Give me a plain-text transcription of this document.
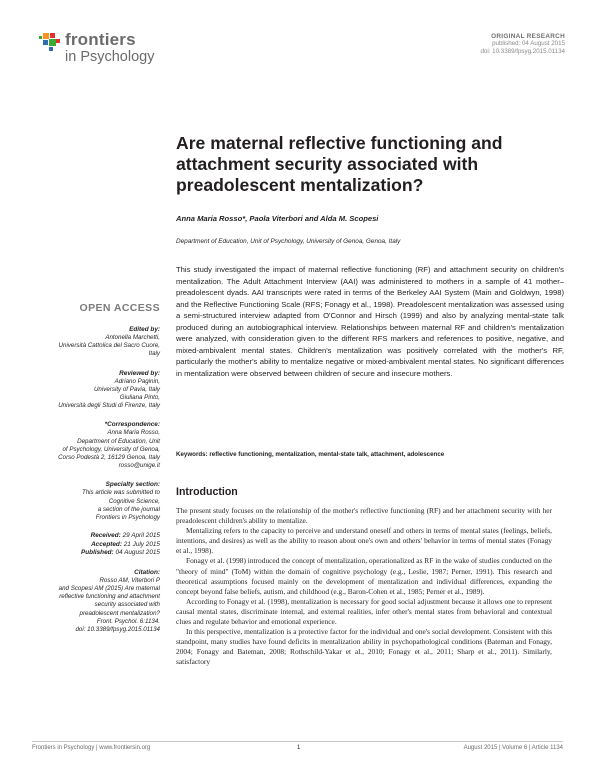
frontiers
in Psychology
ORIGINAL RESEARCH
published: 04 August 2015
doi: 10.3389/fpsyg.2015.01134
Are maternal reflective functioning and attachment security associated with preadolescent mentalization?
Anna Maria Rosso*, Paola Viterbori and Alda M. Scopesi
Department of Education, Unit of Psychology, University of Genoa, Genoa, Italy
This study investigated the impact of maternal reflective functioning (RF) and attachment security on children's mentalization. The Adult Attachment Interview (AAI) was administered to mothers in a sample of 41 mother–preadolescent dyads. AAI transcripts were rated in terms of the Berkeley AAI System (Main and Goldwyn, 1998) and the Reflective Functioning Scale (RFS; Fonagy et al., 1998). Preadolescent mentalization was assessed using a semi-structured interview adapted from O'Connor and Hirsch (1999) and also by analyzing mental-state talk produced during an autobiographical interview. Relationships between maternal RF and children's mentalization were analyzed, with consideration given to the different RFS markers and references to positive, negative, and mixed-ambivalent mental states. Children's mentalization was positively correlated with the mother's RF, particularly the mother's ability to mentalize negative or mixed-ambivalent mental states. No significant differences in mentalization were observed between children of secure and insecure mothers.
Keywords: reflective functioning, mentalization, mental-state talk, attachment, adolescence
OPEN ACCESS
Edited by:
Antonella Marchetti,
Università Cattolica del Sacro Cuore,
Italy
Reviewed by:
Adriano Paginin,
University of Pavia, Italy
Giuliana Pinto,
Università degli Studi di Firenze, Italy
*Correspondence:
Anna Maria Rosso,
Department of Education, Unit
of Psychology, University of Genoa,
Corso Podestà 2, 16129 Genoa, Italy
rosso@unige.it
Specialty section:
This article was submitted to
Cognitive Science,
a section of the journal
Frontiers in Psychology
Received: 29 April 2015
Accepted: 21 July 2015
Published: 04 August 2015
Citation:
Rosso AM, Viterbori P
and Scopesi AM (2015) Are maternal
reflective functioning and attachment
security associated with
preadolescent mentalization?
Front. Psychol. 6:1134.
doi: 10.3389/fpsyg.2015.01134
Introduction

The present study focuses on the relationship of the mother's reflective functioning (RF) and her attachment security with her preadolescent children's ability to mentalize.

Mentalizing refers to the capacity to perceive and understand oneself and others in terms of mental states (feelings, beliefs, intentions, and desires) as well as the ability to reason about one's own and others' behavior in terms of mental states (Fonagy et al., 1998).

Fonagy et al. (1998) introduced the concept of mentalization, operationalized as RF in the wake of studies conducted on the "theory of mind" (ToM) within the domain of cognitive psychology (e.g., Leslie, 1987; Perner, 1991). This research and theoretical assumptions focused mainly on the development of mentalization and individual differences, expanding the concept beyond false beliefs, autism, and childhood (e.g., Baron-Cohen et al., 1985; Perner et al., 1989).

According to Fonagy et al. (1998), mentalization is necessary for good social adjustment because it allows one to represent causal mental states, discriminate internal, and external realities, infer other's mental states from behavioral and contextual clues and regulate behavior and emotional experience.

In this perspective, mentalization is a protective factor for the individual and one's social development. Consistent with this standpoint, many studies have found deficits in mentalization ability in psychopathological conditions (Bateman and Fonagy, 2004; Fonagy and Bateman, 2008; Rothschild-Yakar et al., 2010; Fonagy et al., 2011; Sharp et al., 2011). Similarly, satisfactory

Frontiers in Psychology | www.frontiersin.org	1	August 2015 | Volume 6 | Article 1134
